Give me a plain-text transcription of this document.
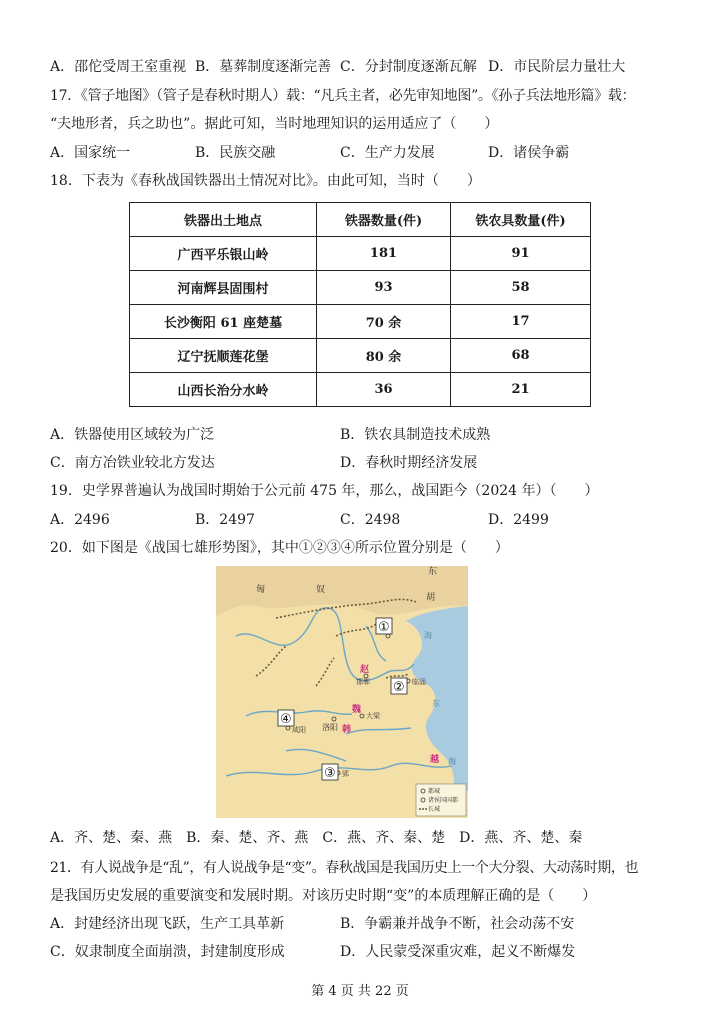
A．邵佗受周王室重视 B．墓葬制度逐渐完善 C．分封制度逐渐瓦解 D．市民阶层力量壮大
17．《管子地图》（管子是春秋时期人）载：“凡兵主者，必先审知地图”。《孙子兵法地形篇》载：
“夫地形者，兵之助也”。据此可知，当时地理知识的运用适应了（　　）
A．国家统一	B．民族交融	C．生产力发展	D．诸侯争霸
18．下表为《春秋战国铁器出土情况对比》。由此可知，当时（　　）
铁器出土地点	铁器数量(件)	铁农具数量(件)
广西平乐银山岭	181	91
河南辉县固围村	93	58
长沙衡阳 61 座楚墓	70 余	17
辽宁抚顺莲花堡	80 余	68
山西长治分水岭	36	21
A．铁器使用区域较为广泛	B．铁农具制造技术成熟
C．南方冶铁业较北方发达	D．春秋时期经济发展
19．史学界普遍认为战国时期始于公元前 475 年，那么，战国距今（2024 年）（　　）
A．2496	B．2497	C．2498	D．2499
20．如下图是《战国七雄形势图》，其中①②③④所示位置分别是（　　）
匈	奴
东
胡
海
东
海
邯郸	临淄
大梁
咸阳 洛阳
郢
赵
魏
韩
越
①
②
③
④
都城
诸侯国国都
长城
A．齐、楚、秦、燕　B．秦、楚、齐、燕　C．燕、齐、秦、楚　D．燕、齐、楚、秦
21．有人说战争是“乱”，有人说战争是“变”。春秋战国是我国历史上一个大分裂、大动荡时期，也
是我国历史发展的重要演变和发展时期。对该历史时期“变”的本质理解正确的是（　　）
A．封建经济出现飞跃，生产工具革新	B．争霸兼并战争不断，社会动荡不安
C．奴隶制度全面崩溃，封建制度形成	D．人民蒙受深重灾难，起义不断爆发
第 4 页 共 22 页
